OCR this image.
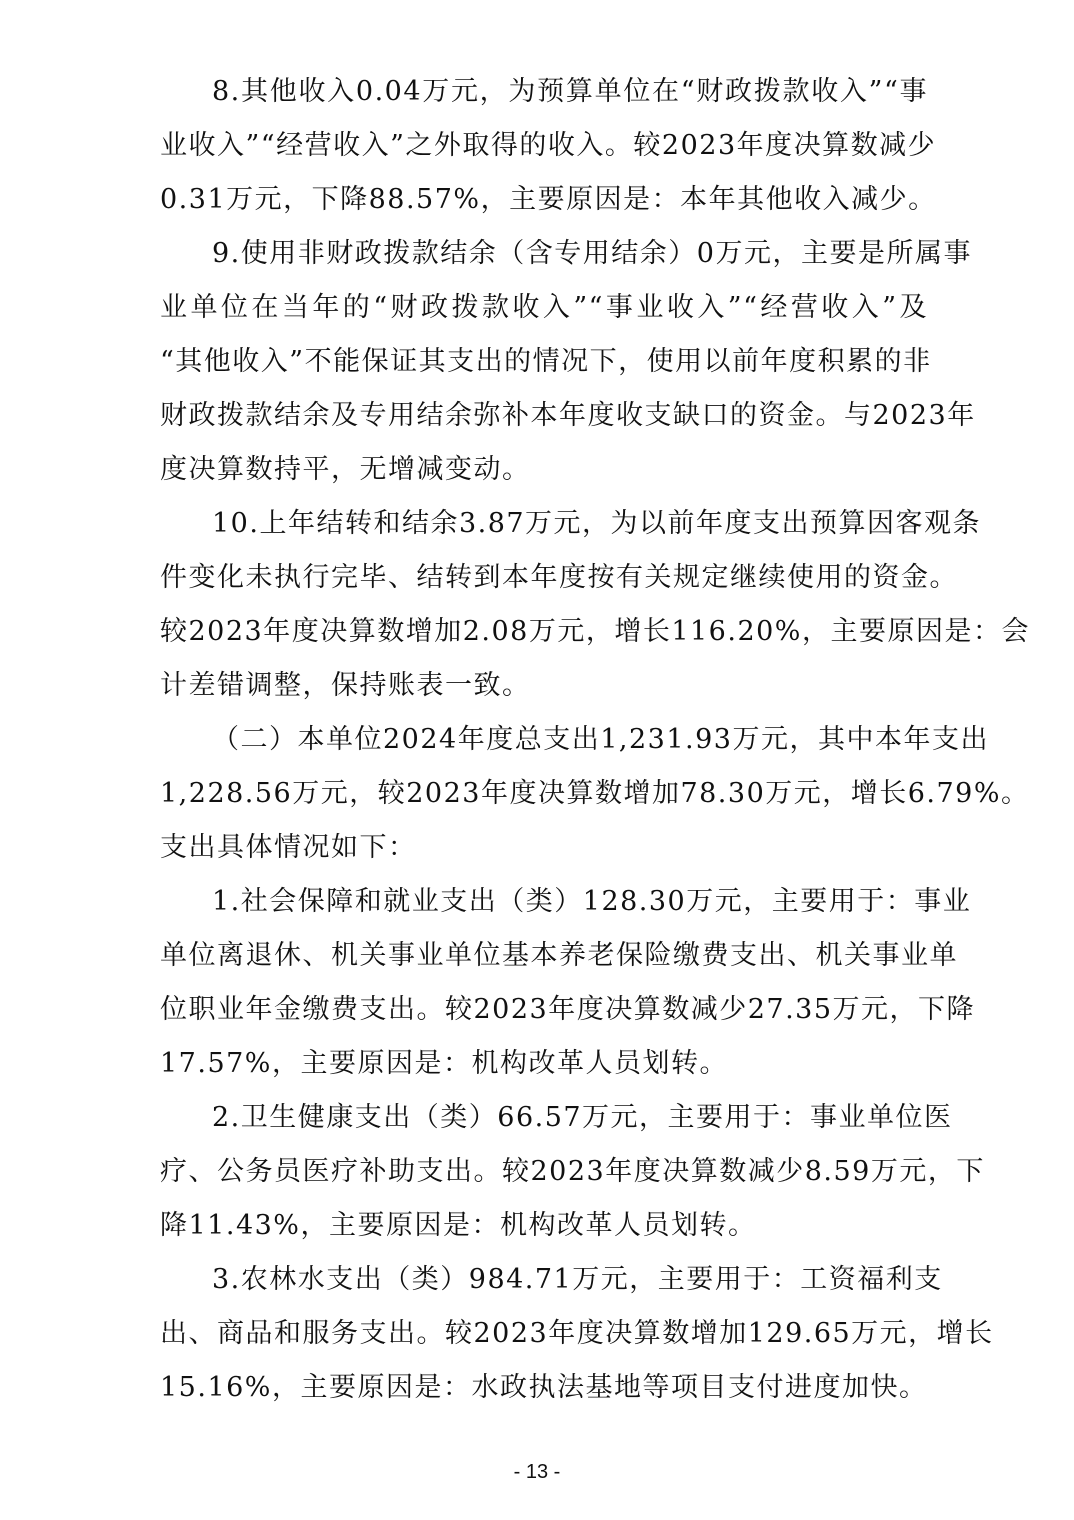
8.其他收入0.04万元，为预算单位在“财政拨款收入”“事
业收入”“经营收入”之外取得的收入。较2023年度决算数减少
0.31万元，下降88.57%，主要原因是：本年其他收入减少。
9.使用非财政拨款结余（含专用结余）0万元，主要是所属事
业单位在当年的“财政拨款收入”“事业收入”“经营收入”及
“其他收入”不能保证其支出的情况下，使用以前年度积累的非
财政拨款结余及专用结余弥补本年度收支缺口的资金。与2023年
度决算数持平，无增减变动。
10.上年结转和结余3.87万元，为以前年度支出预算因客观条
件变化未执行完毕、结转到本年度按有关规定继续使用的资金。
较2023年度决算数增加2.08万元，增长116.20%，主要原因是：会
计差错调整，保持账表一致。
（二）本单位2024年度总支出1,231.93万元，其中本年支出
1,228.56万元，较2023年度决算数增加78.30万元，增长6.79%。
支出具体情况如下：
1.社会保障和就业支出（类）128.30万元，主要用于：事业
单位离退休、机关事业单位基本养老保险缴费支出、机关事业单
位职业年金缴费支出。较2023年度决算数减少27.35万元，下降
17.57%，主要原因是：机构改革人员划转。
2.卫生健康支出（类）66.57万元，主要用于：事业单位医
疗、公务员医疗补助支出。较2023年度决算数减少8.59万元，下
降11.43%，主要原因是：机构改革人员划转。
3.农林水支出（类）984.71万元，主要用于：工资福利支
出、商品和服务支出。较2023年度决算数增加129.65万元，增长
15.16%，主要原因是：水政执法基地等项目支付进度加快。
- 13 -
